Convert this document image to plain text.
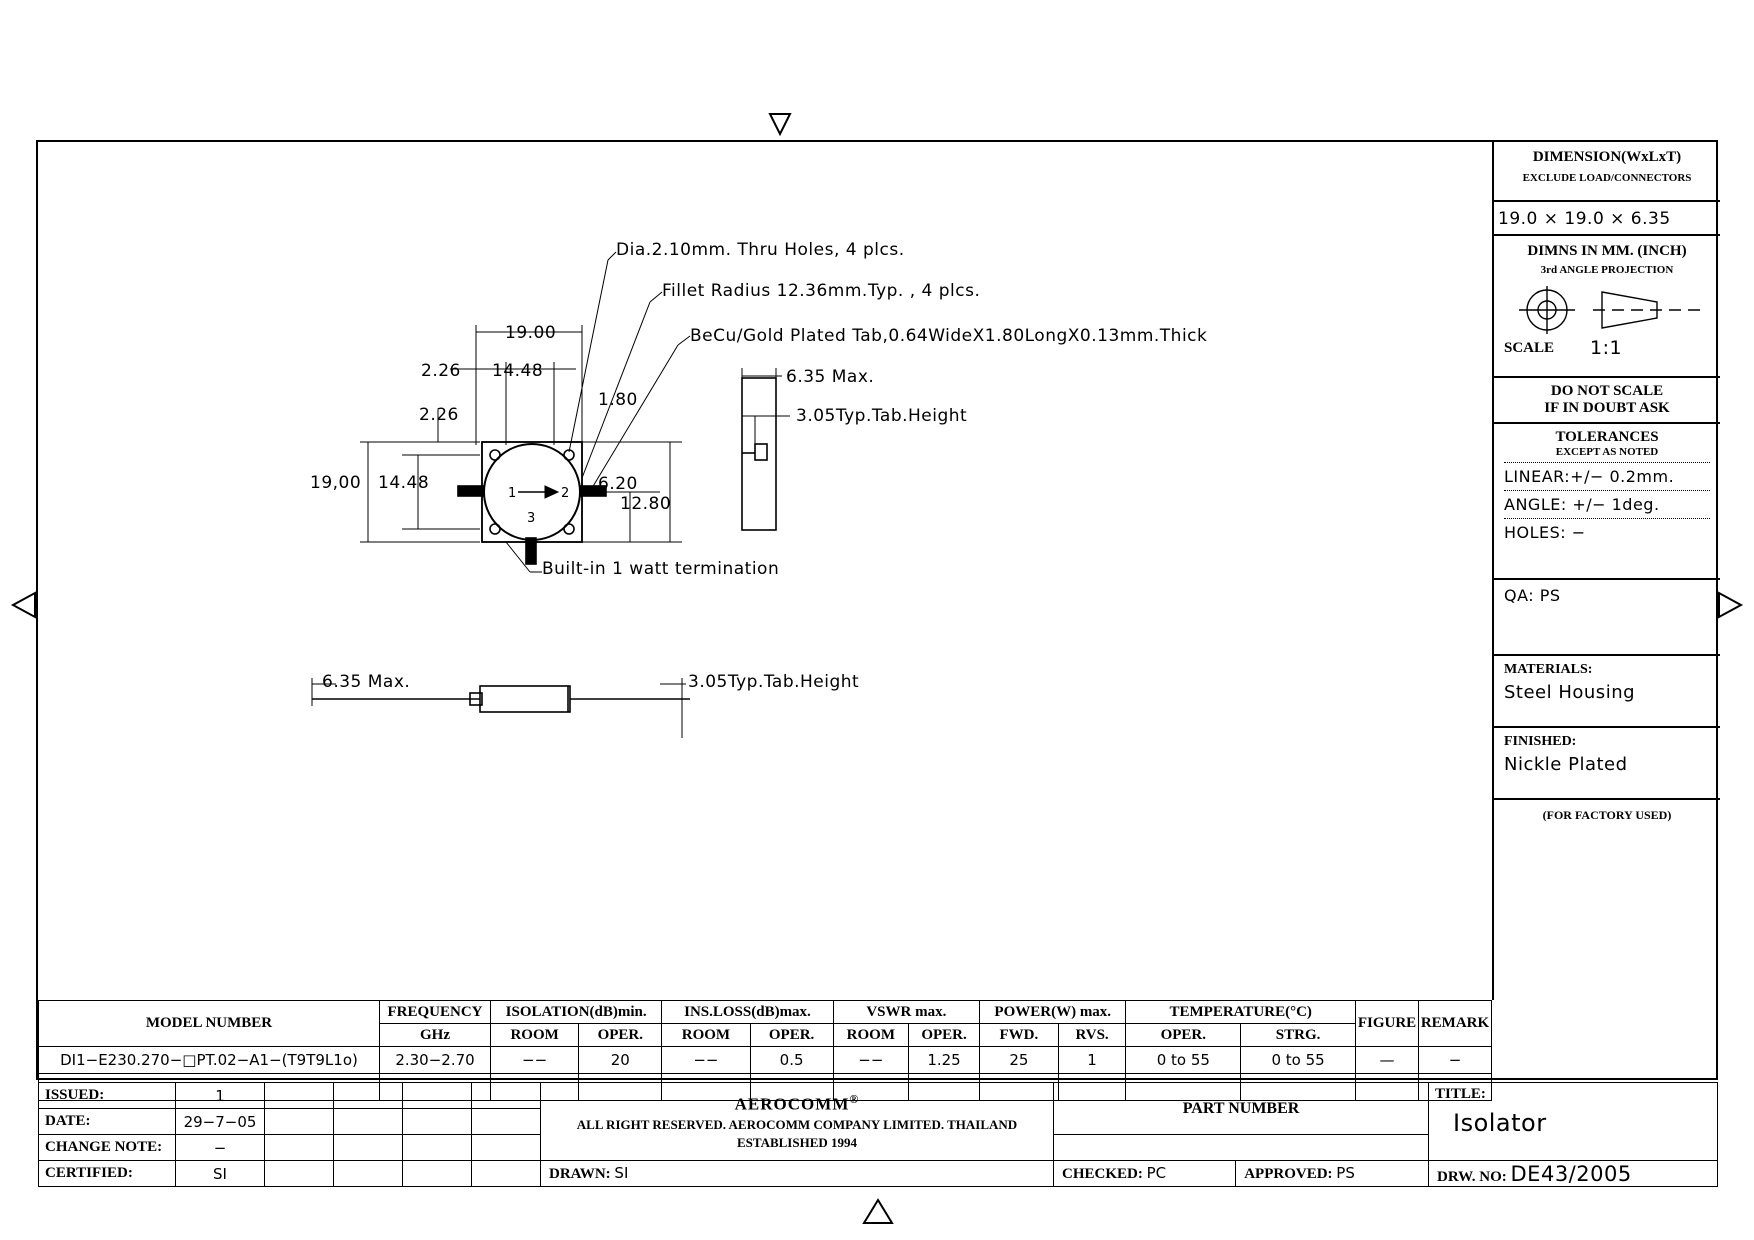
1	2
3
Dia.2.10mm. Thru Holes, 4 plcs.
Fillet Radius 12.36mm.Typ. , 4 plcs.
BeCu/Gold Plated Tab,0.64WideX1.80LongX0.13mm.Thick
Built-in 1 watt termination
19.00
2.26 14.48
1.80
2.26
19,00 14.48	6.20
12.80
6.35 Max.
3.05Typ.Tab.Height
6.35 Max.	3.05Typ.Tab.Height
DIMENSION(WxLxT)
EXCLUDE LOAD/CONNECTORS
19.0 × 19.0 × 6.35
DIMNS IN MM. (INCH)
3rd ANGLE PROJECTION
SCALE 1:1
DO NOT SCALE
IF IN DOUBT ASK
TOLERANCES
EXCEPT AS NOTED
LINEAR:+/− 0.2mm.
ANGLE: +/− 1deg.
HOLES: −
QA: PS
MATERIALS:
Steel Housing
FINISHED:
Nickle Plated
(FOR FACTORY USED)
MODEL NUMBER	FREQUENCY	ISOLATION(dB)min.		INS.LOSS(dB)max.		VSWR max.		POWER(W) max.		TEMPERATURE(°C)		FIGURE	REMARK
	GHz	ROOM	OPER.	ROOM	OPER.	ROOM	OPER.	FWD.	RVS.	OPER.	STRG.		
DI1−E230.270−□PT.02−A1−(T9T9L1o)	2.30−2.70	−−	20	−−	0.5	−−	1.25	25	1	0 to 55	0 to 55	—	−

ISSUED:	1					AEROCOMM®
ALL RIGHT RESERVED. AEROCOMM COMPANY LIMITED. THAILAND
ESTABLISHED 1994
	PART NUMBER	
TITLE:
Isolator

DATE:	29−7−05								
CHANGE NOTE:	−								
CERTIFIED:	SI					DRAWN: SI	CHECKED: PC	APPROVED: PS	DRW. NO: DE43/2005
